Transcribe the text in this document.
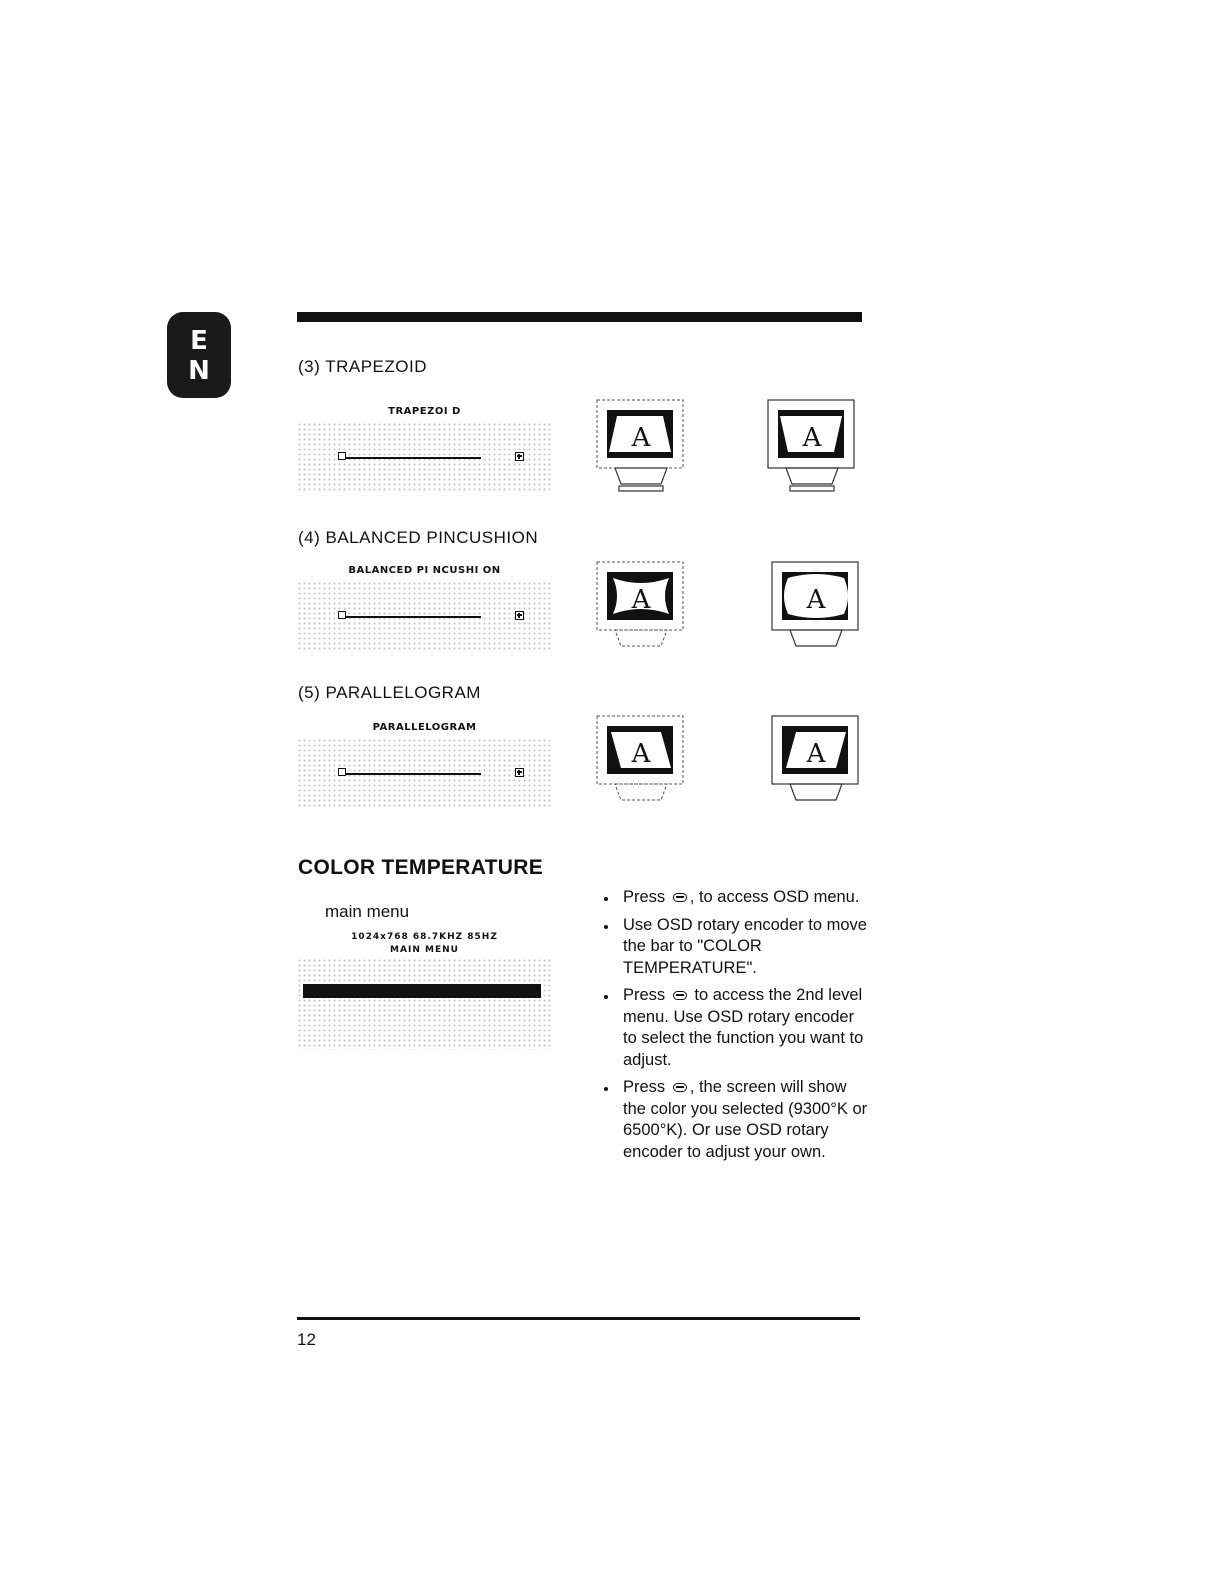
E
N	(3) TRAPEZOID
TRAPEZOI D
A	A
(4) BALANCED PINCUSHION
BALANCED PI NCUSHI ON
A	A
(5) PARALLELOGRAM
PARALLELOGRAM
A	A
COLOR TEMPERATURE
main menu
1024x768 68.7KHZ 85HZ
MAIN MENU
Press , to access OSD menu.
Use OSD rotary encoder to move the bar to "COLOR TEMPERATURE".
Press to access the 2nd level menu. Use OSD rotary encoder to select the function you want to adjust.
Press , the screen will show the color you selected (9300°K or 6500°K). Or use OSD rotary encoder to adjust your own.
12
